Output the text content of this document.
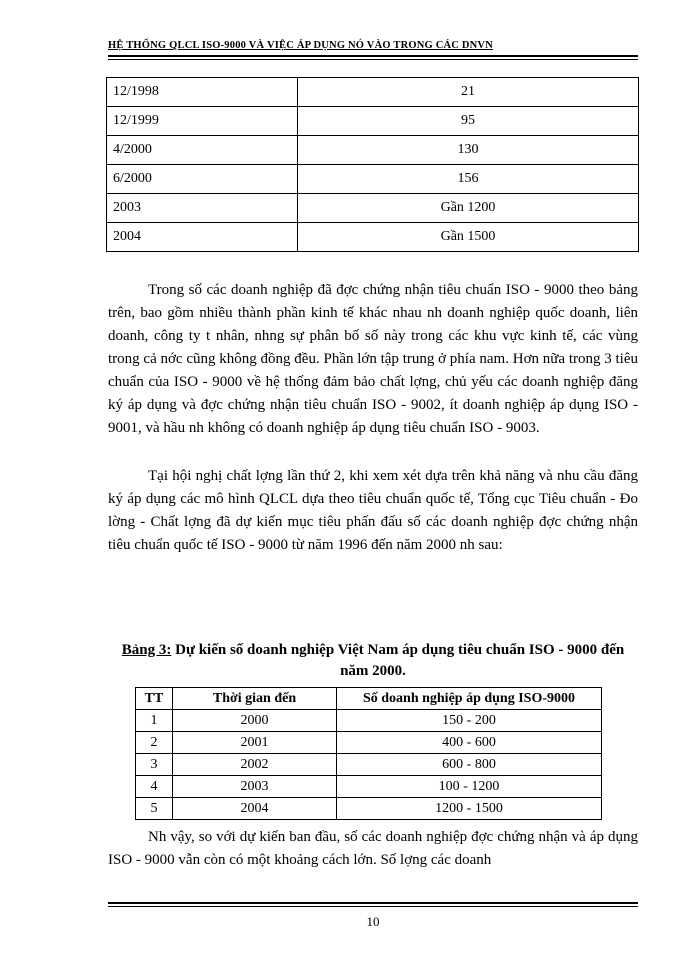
HỆ THỐNG QLCL ISO-9000 VÀ VIỆC ÁP DỤNG NÓ VÀO TRONG CÁC DNVN
12/1998	21
12/1999	95
4/2000	130
6/2000	156
2003	Gần 1200
2004	Gần 1500
Trong số các doanh nghiệp đã đợc chứng nhận tiêu chuẩn ISO - 9000 theo bảng trên, bao gồm nhiều thành phần kinh tế khác nhau nh doanh nghiệp quốc doanh, liên doanh, công ty t nhân, nhng sự phân bố số này trong các khu vực kinh tế, các vùng trong cả nớc cũng không đồng đều. Phần lớn tập trung ở phía nam. Hơn nữa trong 3 tiêu chuẩn của ISO - 9000 về hệ thống đảm bảo chất lợng, chủ yếu các doanh nghiệp đăng ký áp dụng và đợc chứng nhận tiêu chuẩn ISO - 9002, ít doanh nghiệp áp dụng ISO - 9001, và hầu nh không có doanh nghiệp áp dụng tiêu chuẩn ISO - 9003.
Tại hội nghị chất lợng lần thứ 2, khi xem xét dựa trên khả năng và nhu cầu đăng ký áp dụng các mô hình QLCL dựa theo tiêu chuẩn quốc tế, Tổng cục Tiêu chuẩn - Đo lờng - Chất lợng đã dự kiến mục tiêu phấn đấu số các doanh nghiệp đợc chứng nhận tiêu chuẩn quốc tế ISO - 9000 từ năm 1996 đến năm 2000 nh sau:
Bảng 3: Dự kiến số doanh nghiệp Việt Nam áp dụng tiêu chuẩn ISO - 9000 đến năm 2000.
TT	Thời gian đến	Số doanh nghiệp áp dụng ISO-9000
1	2000	150 - 200
2	2001	400 - 600
3	2002	600 - 800
4	2003	100 - 1200
5	2004	1200 - 1500
Nh vậy, so với dự kiến ban đầu, số các doanh nghiệp đợc chứng nhận và áp dụng ISO - 9000 vẫn còn có một khoảng cách lớn. Số lợng các doanh
10
